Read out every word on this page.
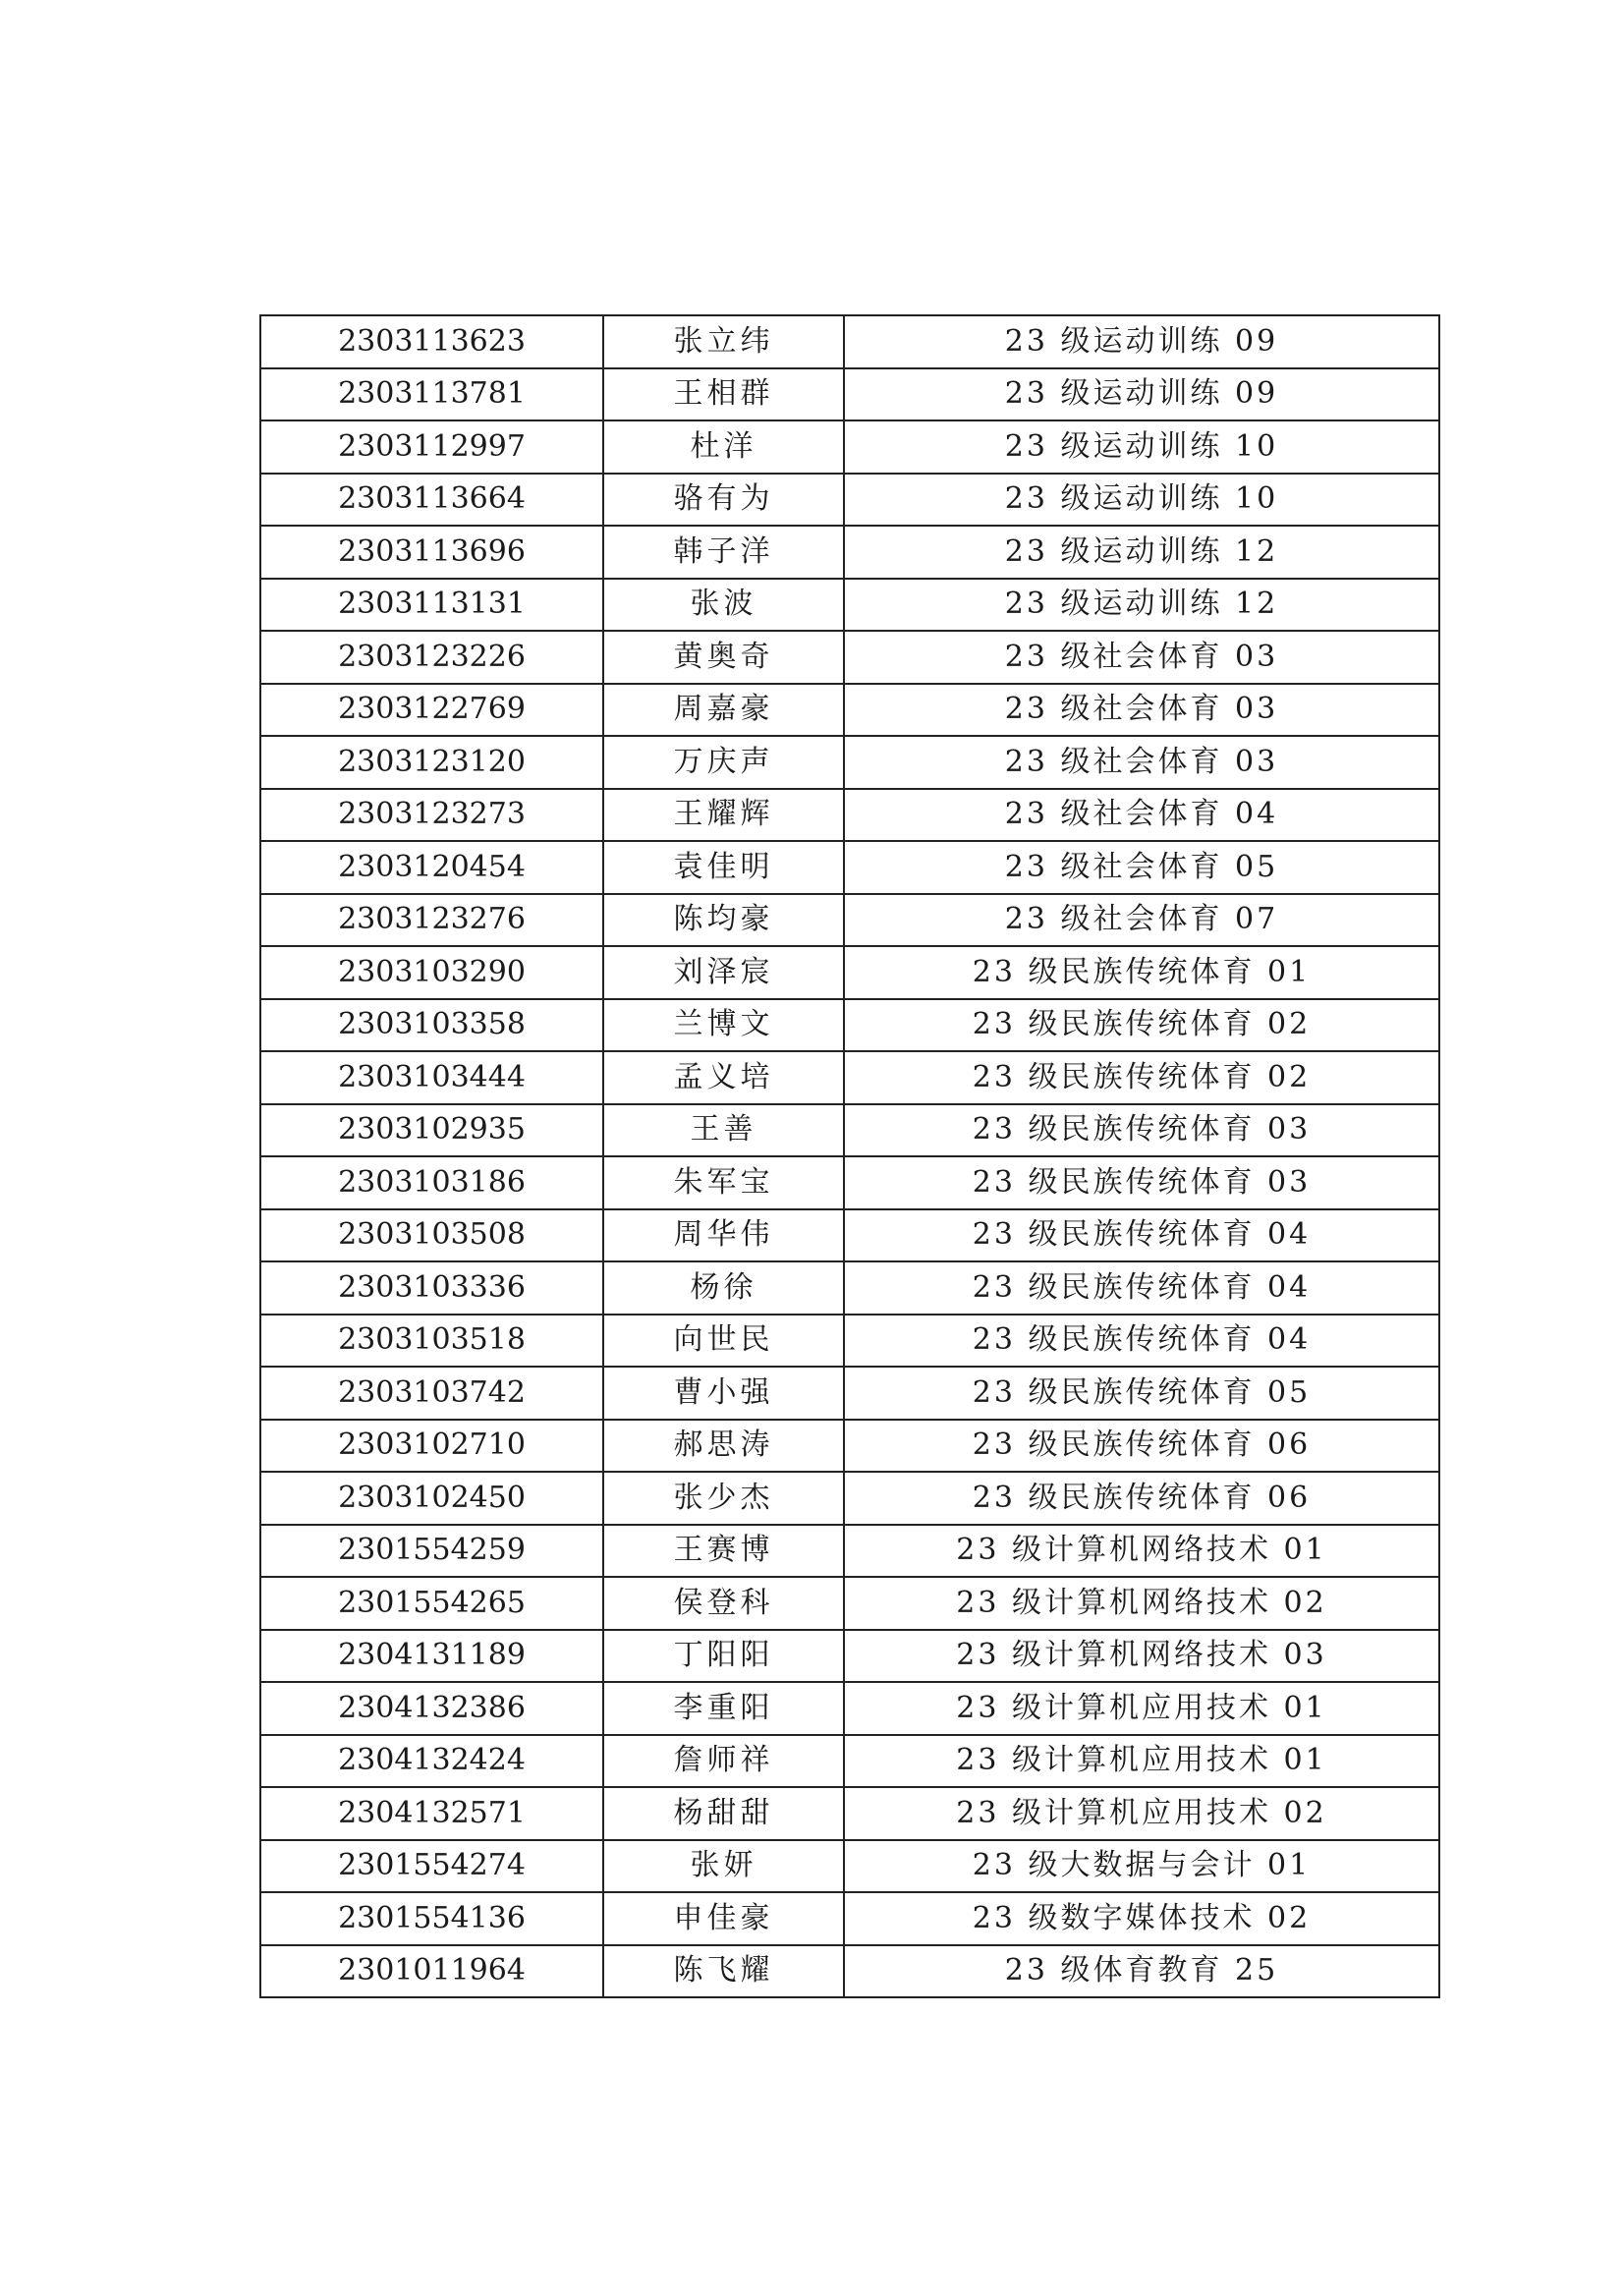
2303113623	张立纬	23 级运动训练 09
2303113781	王相群	23 级运动训练 09
2303112997	杜洋	23 级运动训练 10
2303113664	骆有为	23 级运动训练 10
2303113696	韩子洋	23 级运动训练 12
2303113131	张波	23 级运动训练 12
2303123226	黄奥奇	23 级社会体育 03
2303122769	周嘉豪	23 级社会体育 03
2303123120	万庆声	23 级社会体育 03
2303123273	王耀辉	23 级社会体育 04
2303120454	袁佳明	23 级社会体育 05
2303123276	陈均豪	23 级社会体育 07
2303103290	刘泽宸	23 级民族传统体育 01
2303103358	兰博文	23 级民族传统体育 02
2303103444	孟义培	23 级民族传统体育 02
2303102935	王善	23 级民族传统体育 03
2303103186	朱军宝	23 级民族传统体育 03
2303103508	周华伟	23 级民族传统体育 04
2303103336	杨徐	23 级民族传统体育 04
2303103518	向世民	23 级民族传统体育 04
2303103742	曹小强	23 级民族传统体育 05
2303102710	郝思涛	23 级民族传统体育 06
2303102450	张少杰	23 级民族传统体育 06
2301554259	王赛博	23 级计算机网络技术 01
2301554265	侯登科	23 级计算机网络技术 02
2304131189	丁阳阳	23 级计算机网络技术 03
2304132386	李重阳	23 级计算机应用技术 01
2304132424	詹师祥	23 级计算机应用技术 01
2304132571	杨甜甜	23 级计算机应用技术 02
2301554274	张妍	23 级大数据与会计 01
2301554136	申佳豪	23 级数字媒体技术 02
2301011964	陈飞耀	23 级体育教育 25
